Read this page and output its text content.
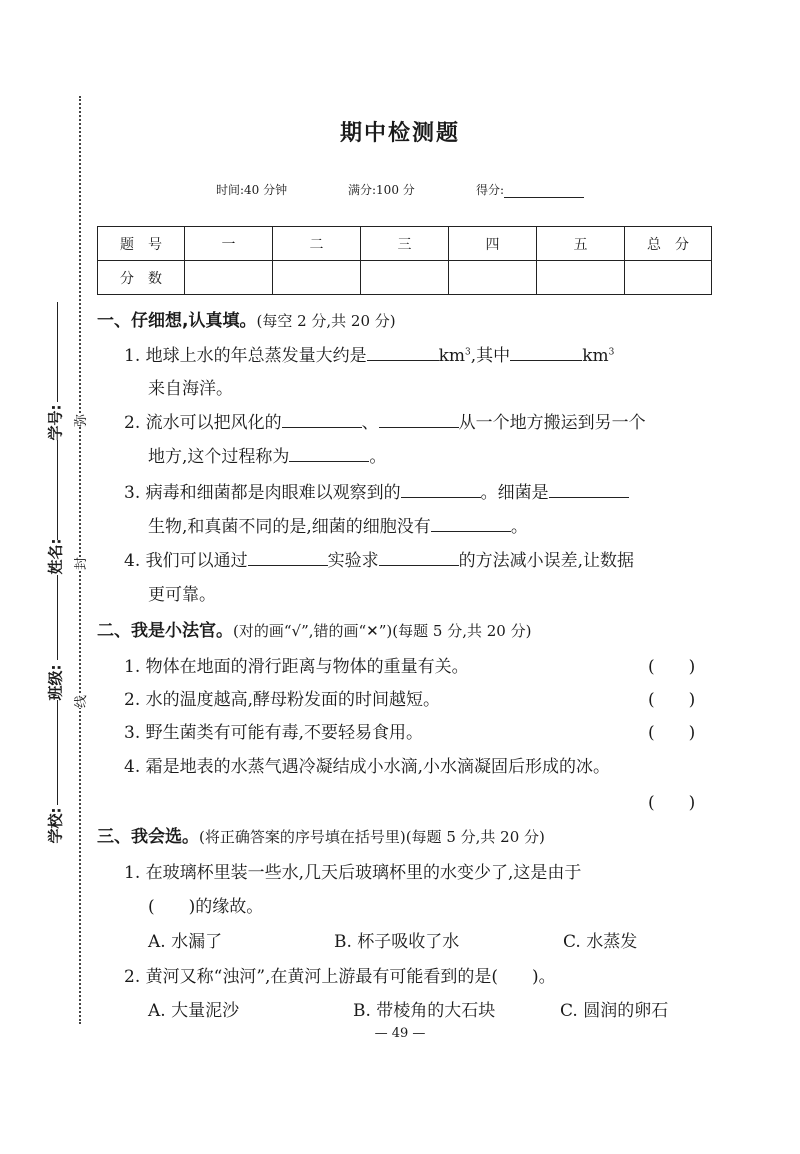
学号:
姓名:
班级:
学校:
弥
封
线
期中检测题
时间:40 分钟	满分:100 分	得分:
题　号	一	二	三	四	五	总　分
分　数						
一、仔细想,认真填。(每空 2 分,共 20 分)
1. 地球上水的年总蒸发量大约是	$km^3$,其中	$km^3$
来自海洋。
2. 流水可以把风化的	、	从一个地方搬运到另一个
地方,这个过程称为	。
3. 病毒和细菌都是肉眼难以观察到的	。细菌是
生物,和真菌不同的是,细菌的细胞没有	。
4. 我们可以通过	实验求	的方法减小误差,让数据
更可靠。
二、我是小法官。(对的画“√”,错的画“✕”)(每题 5 分,共 20 分)
1. 物体在地面的滑行距离与物体的重量有关。	(　　)
2. 水的温度越高,酵母粉发面的时间越短。	(　　)
3. 野生菌类有可能有毒,不要轻易食用。	(　　)
4. 霜是地表的水蒸气遇冷凝结成小水滴,小水滴凝固后形成的冰。
(　　)
三、我会选。(将正确答案的序号填在括号里)(每题 5 分,共 20 分)
1. 在玻璃杯里装一些水,几天后玻璃杯里的水变少了,这是由于
(　　)的缘故。
A. 水漏了	B. 杯子吸收了水	C. 水蒸发
2. 黄河又称“浊河”,在黄河上游最有可能看到的是(　　)。
A. 大量泥沙	B. 带棱角的大石块	C. 圆润的卵石
— 49 —
